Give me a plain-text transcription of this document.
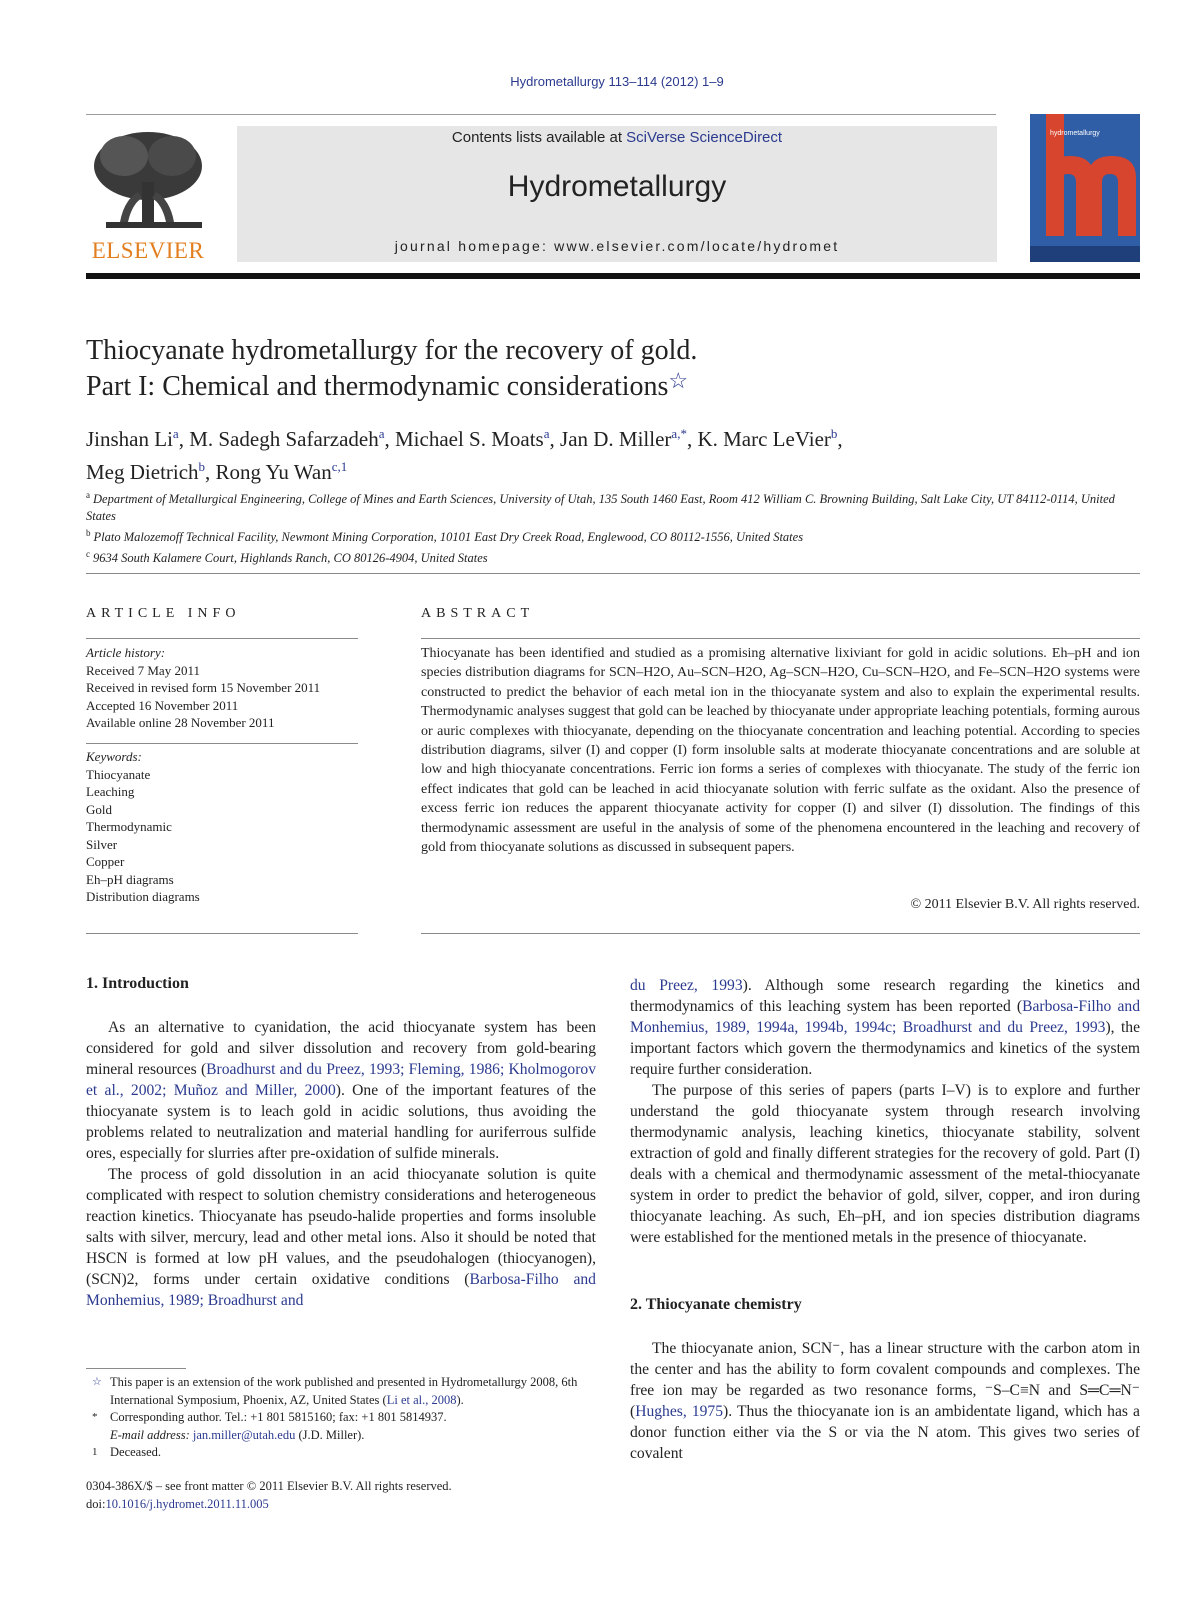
Hydrometallurgy 113–114 (2012) 1–9
ELSEVIER
Contents lists available at SciVerse ScienceDirect
Hydrometallurgy
journal homepage: www.elsevier.com/locate/hydromet
hydrometallurgy
Thiocyanate hydrometallurgy for the recovery of gold.
Part I: Chemical and thermodynamic considerations☆
Jinshan Li$^a$, M. Sadegh Safarzadeh$^a$, Michael S. Moats$^a$, Jan D. Miller$^{a,*}$, K. Marc LeVier$^b$,
Meg Dietrich$^b$, Rong Yu Wan$^{c,1}$
$^a$ Department of Metallurgical Engineering, College of Mines and Earth Sciences, University of Utah, 135 South 1460 East, Room 412 William C. Browning Building, Salt Lake City, UT 84112-0114, United States
$^b$ Plato Malozemoff Technical Facility, Newmont Mining Corporation, 10101 East Dry Creek Road, Englewood, CO 80112-1556, United States
$^c$ 9634 South Kalamere Court, Highlands Ranch, CO 80126-4904, United States
ARTICLE INFO	ABSTRACT
Article history:
Received 7 May 2011
Received in revised form 15 November 2011
Accepted 16 November 2011
Available online 28 November 2011
Keywords:
Thiocyanate
Leaching
Gold
Thermodynamic
Silver
Copper
Eh–pH diagrams
Distribution diagrams
Thiocyanate has been identified and studied as a promising alternative lixiviant for gold in acidic solutions. Eh–pH and ion species distribution diagrams for SCN–H2O, Au–SCN–H2O, Ag–SCN–H2O, Cu–SCN–H2O, and Fe–SCN–H2O systems were constructed to predict the behavior of each metal ion in the thiocyanate system and also to explain the experimental results. Thermodynamic analyses suggest that gold can be leached by thiocyanate under appropriate leaching potentials, forming aurous or auric complexes with thiocyanate, depending on the thiocyanate concentration and leaching potential. According to species distribution diagrams, silver (I) and copper (I) form insoluble salts at moderate thiocyanate concentrations and are soluble at low and high thiocyanate concentrations. Ferric ion forms a series of complexes with thiocyanate. The study of the ferric ion effect indicates that gold can be leached in acid thiocyanate solution with ferric sulfate as the oxidant. Also the presence of excess ferric ion reduces the apparent thiocyanate activity for copper (I) and silver (I) dissolution. The findings of this thermodynamic assessment are useful in the analysis of some of the phenomena encountered in the leaching and recovery of gold from thiocyanate solutions as discussed in subsequent papers.
© 2011 Elsevier B.V. All rights reserved.
1. Introduction

As an alternative to cyanidation, the acid thiocyanate system has been considered for gold and silver dissolution and recovery from gold-bearing mineral resources (Broadhurst and du Preez, 1993; Fleming, 1986; Kholmogorov et al., 2002; Muñoz and Miller, 2000). One of the important features of the thiocyanate system is to leach gold in acidic solutions, thus avoiding the problems related to neutralization and material handling for auriferrous sulfide ores, especially for slurries after pre-oxidation of sulfide minerals.

The process of gold dissolution in an acid thiocyanate solution is quite complicated with respect to solution chemistry considerations and heterogeneous reaction kinetics. Thiocyanate has pseudo-halide properties and forms insoluble salts with silver, mercury, lead and other metal ions. Also it should be noted that HSCN is formed at low pH values, and the pseudohalogen (thiocyanogen), (SCN)2, forms under certain oxidative conditions (Barbosa-Filho and Monhemius, 1989; Broadhurst and

du Preez, 1993). Although some research regarding the kinetics and thermodynamics of this leaching system has been reported (Barbosa-Filho and Monhemius, 1989, 1994a, 1994b, 1994c; Broadhurst and du Preez, 1993), the important factors which govern the thermodynamics and kinetics of the system require further consideration.

The purpose of this series of papers (parts I–V) is to explore and further understand the gold thiocyanate system through research involving thermodynamic analysis, leaching kinetics, thiocyanate stability, solvent extraction of gold and finally different strategies for the recovery of gold. Part (I) deals with a chemical and thermodynamic assessment of the metal-thiocyanate system in order to predict the behavior of gold, silver, copper, and iron during thiocyanate leaching. As such, Eh–pH, and ion species distribution diagrams were established for the mentioned metals in the presence of thiocyanate.

2. Thiocyanate chemistry

The thiocyanate anion, SCN⁻, has a linear structure with the carbon atom in the center and has the ability to form covalent compounds and complexes. The free ion may be regarded as two resonance forms, ⁻S–C≡N and S═C═N⁻ (Hughes, 1975). Thus the thiocyanate ion is an ambidentate ligand, which has a donor function either via the S or via the N atom. This gives two series of covalent

☆ This paper is an extension of the work published and presented in Hydrometallurgy 2008, 6th International Symposium, Phoenix, AZ, United States (Li et al., 2008).
* Corresponding author. Tel.: +1 801 5815160; fax: +1 801 5814937.
E-mail address: jan.miller@utah.edu (J.D. Miller).
1 Deceased.
0304-386X/$ – see front matter © 2011 Elsevier B.V. All rights reserved.
doi:10.1016/j.hydromet.2011.11.005
